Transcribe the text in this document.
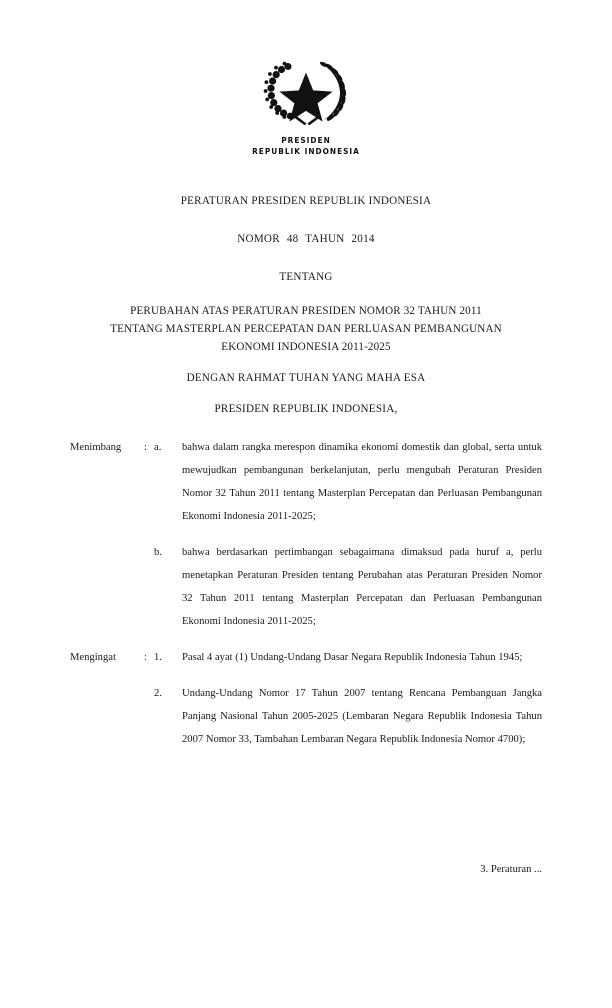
PRESIDEN
REPUBLIK INDONESIA
PERATURAN PRESIDEN REPUBLIK INDONESIA
NOMOR 48 TAHUN 2014
TENTANG
PERUBAHAN ATAS PERATURAN PRESIDEN NOMOR 32 TAHUN 2011
TENTANG MASTERPLAN PERCEPATAN DAN PERLUASAN PEMBANGUNAN
EKONOMI INDONESIA 2011-2025
DENGAN RAHMAT TUHAN YANG MAHA ESA
PRESIDEN REPUBLIK INDONESIA,
Menimbang	: a.	bahwa dalam rangka merespon dinamika ekonomi domestik dan global, serta untuk mewujudkan pembangunan berkelanjutan, perlu mengubah Peraturan Presiden Nomor 32 Tahun 2011 tentang Masterplan Percepatan dan Perluasan Pembangunan Ekonomi Indonesia 2011-2025;
b.	bahwa berdasarkan pertimbangan sebagaimana dimaksud pada huruf a, perlu menetapkan Peraturan Presiden tentang Perubahan atas Peraturan Presiden Nomor 32 Tahun 2011 tentang Masterplan Percepatan dan Perluasan Pembangunan Ekonomi Indonesia 2011-2025;
Mengingat	: 1.	Pasal 4 ayat (1) Undang-Undang Dasar Negara Republik Indonesia Tahun 1945;
2.	Undang-Undang Nomor 17 Tahun 2007 tentang Rencana Pembanguan Jangka Panjang Nasional Tahun 2005-2025 (Lembaran Negara Republik Indonesia Tahun 2007 Nomor 33, Tambahan Lembaran Negara Republik Indonesia Nomor 4700);
3. Peraturan ...
